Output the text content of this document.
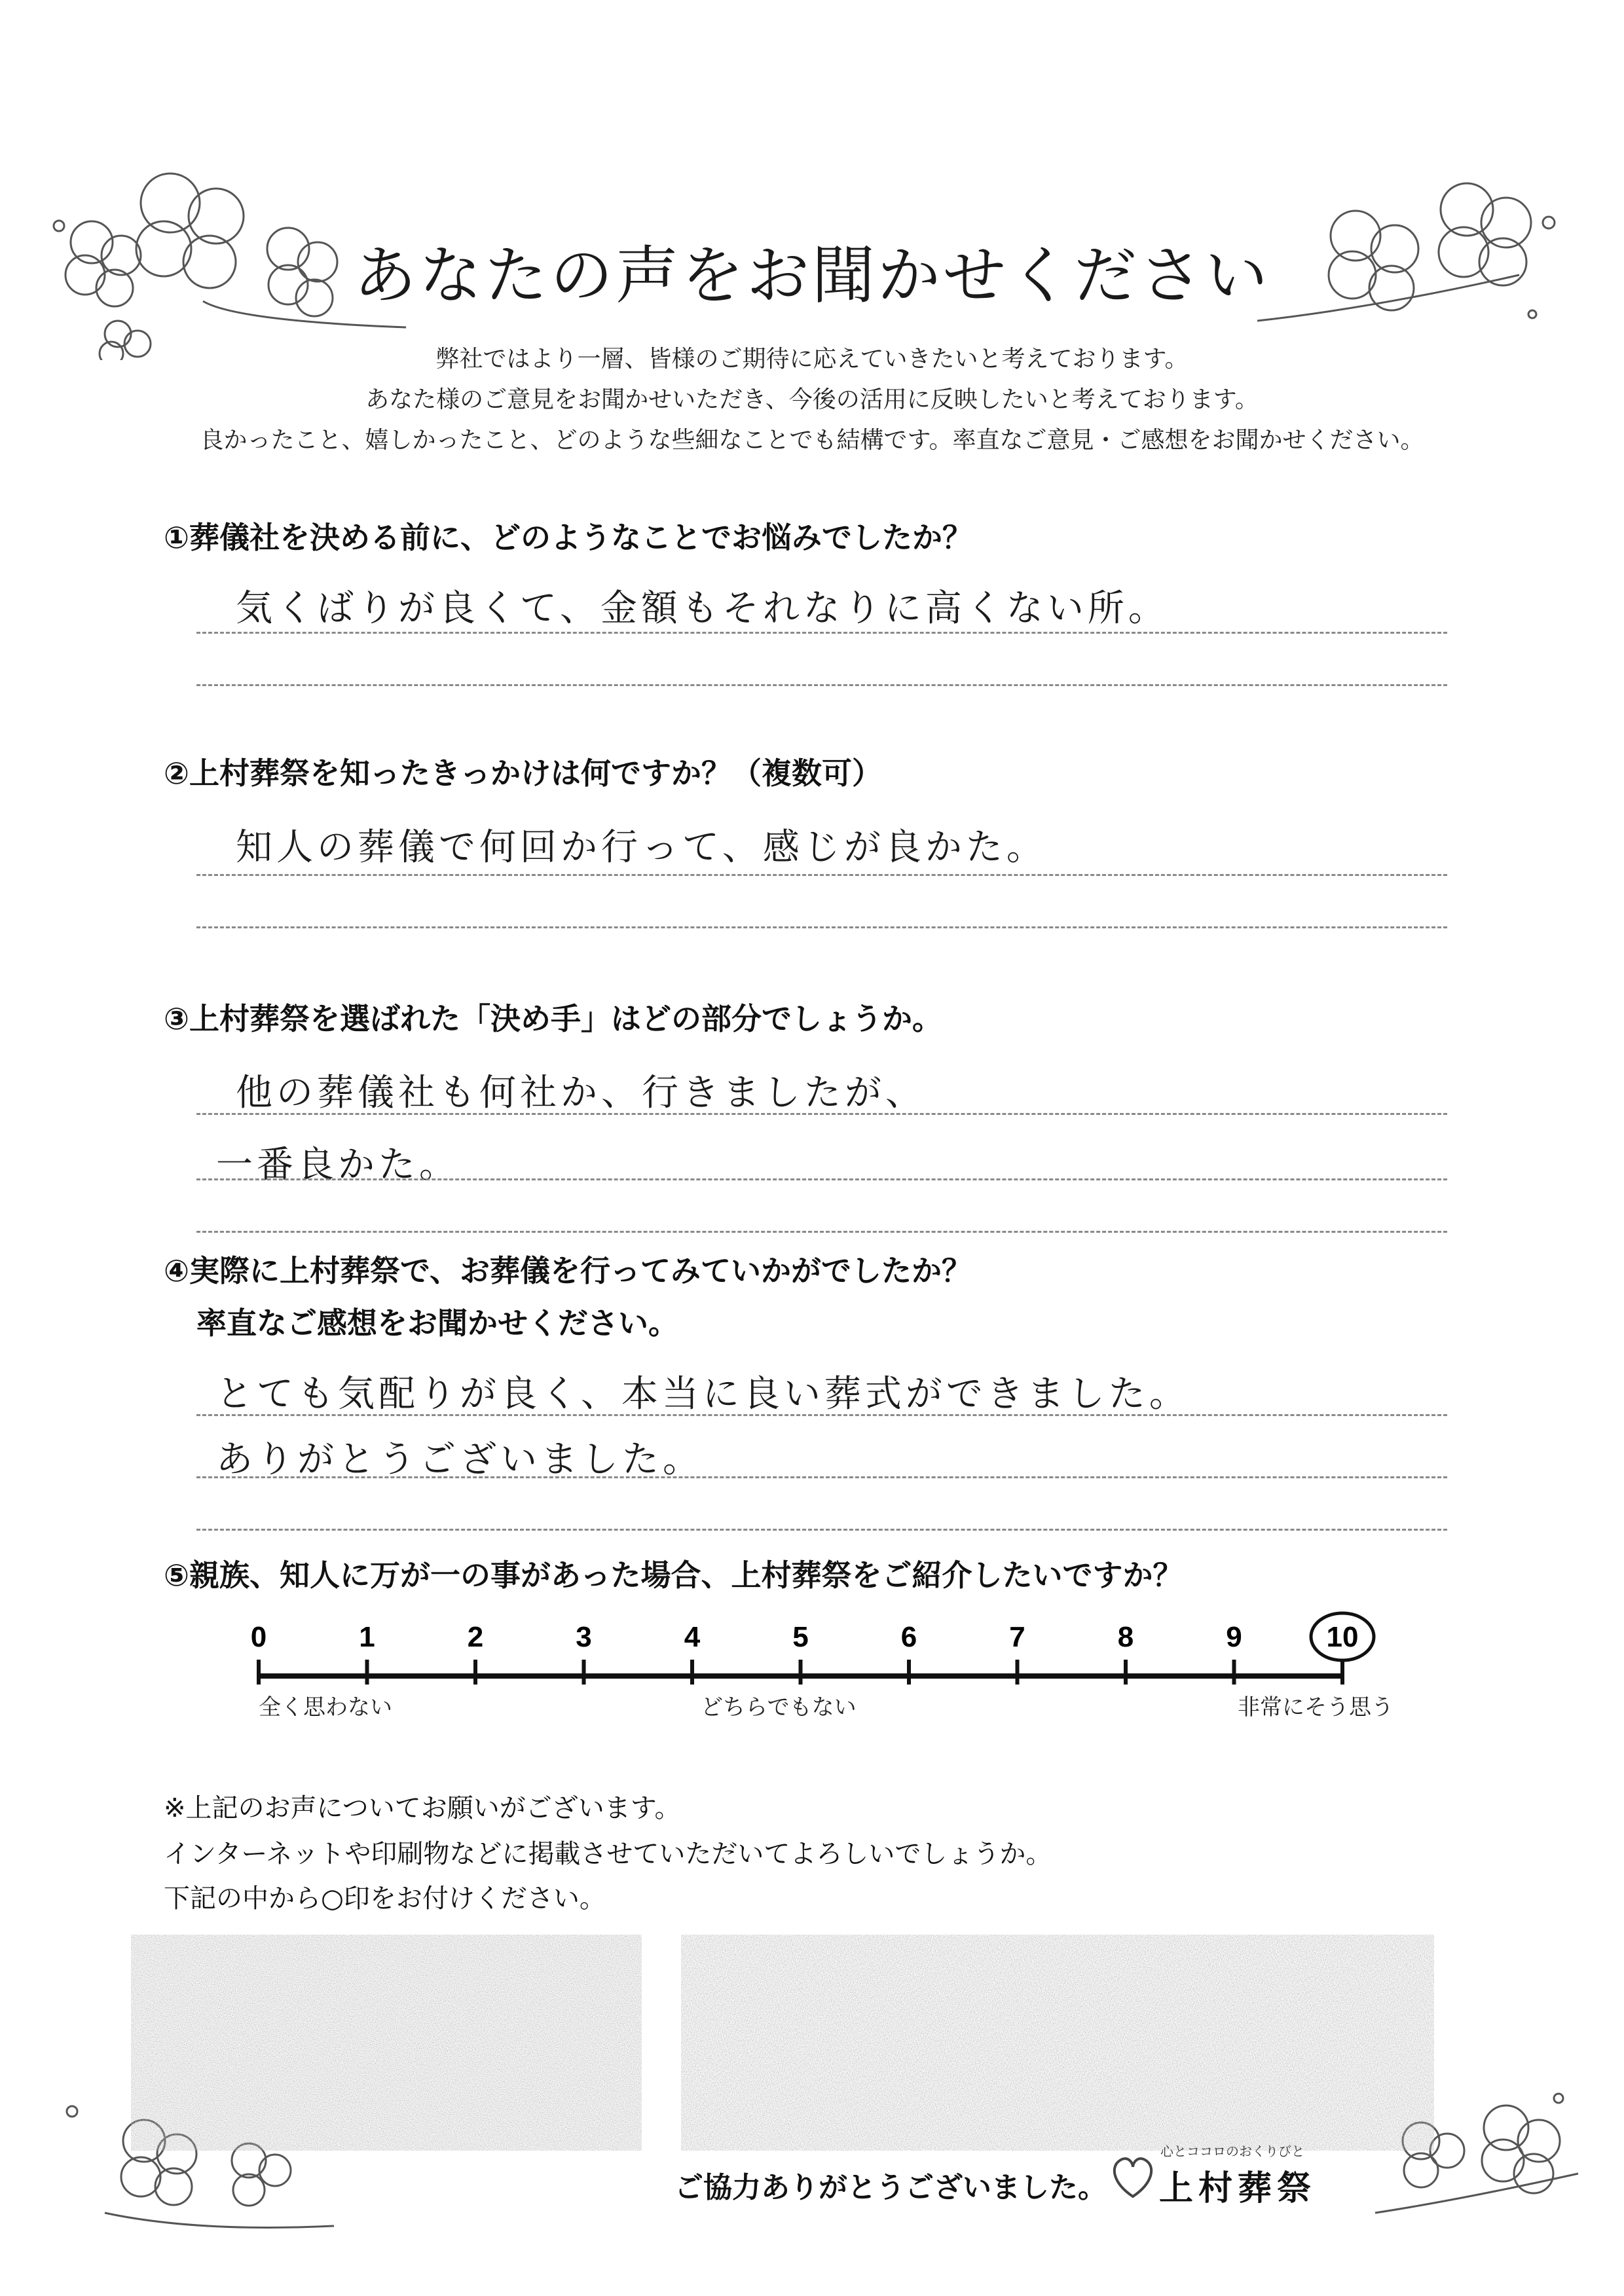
あなたの声をお聞かせください
弊社ではより一層、皆様のご期待に応えていきたいと考えております。
あなた様のご意見をお聞かせいただき、今後の活用に反映したいと考えております。
良かったこと、嬉しかったこと、どのような些細なことでも結構です。率直なご意見・ご感想をお聞かせください。
①葬儀社を決める前に、どのようなことでお悩みでしたか？
気くばりが良くて、金額もそれなりに高くない所。
②上村葬祭を知ったきっかけは何ですか？（複数可）
知人の葬儀で何回か行って、感じが良かた。
③上村葬祭を選ばれた「決め手」はどの部分でしょうか。
他の葬儀社も何社か、行きましたが、
一番良かた。
④実際に上村葬祭で、お葬儀を行ってみていかがでしたか？
率直なご感想をお聞かせください。
とても気配りが良く、本当に良い葬式ができました。
ありがとうございました。
⑤親族、知人に万が一の事があった場合、上村葬祭をご紹介したいですか？
0	1	2	3	4	5	6	7	8	9	10
全く思わない	どちらでもない	非常にそう思う
※上記のお声についてお願いがございます。
インターネットや印刷物などに掲載させていただいてよろしいでしょうか。
下記の中から○印をお付けください。
ご協力ありがとうございました。
心とココロのおくりびと
上村葬祭
